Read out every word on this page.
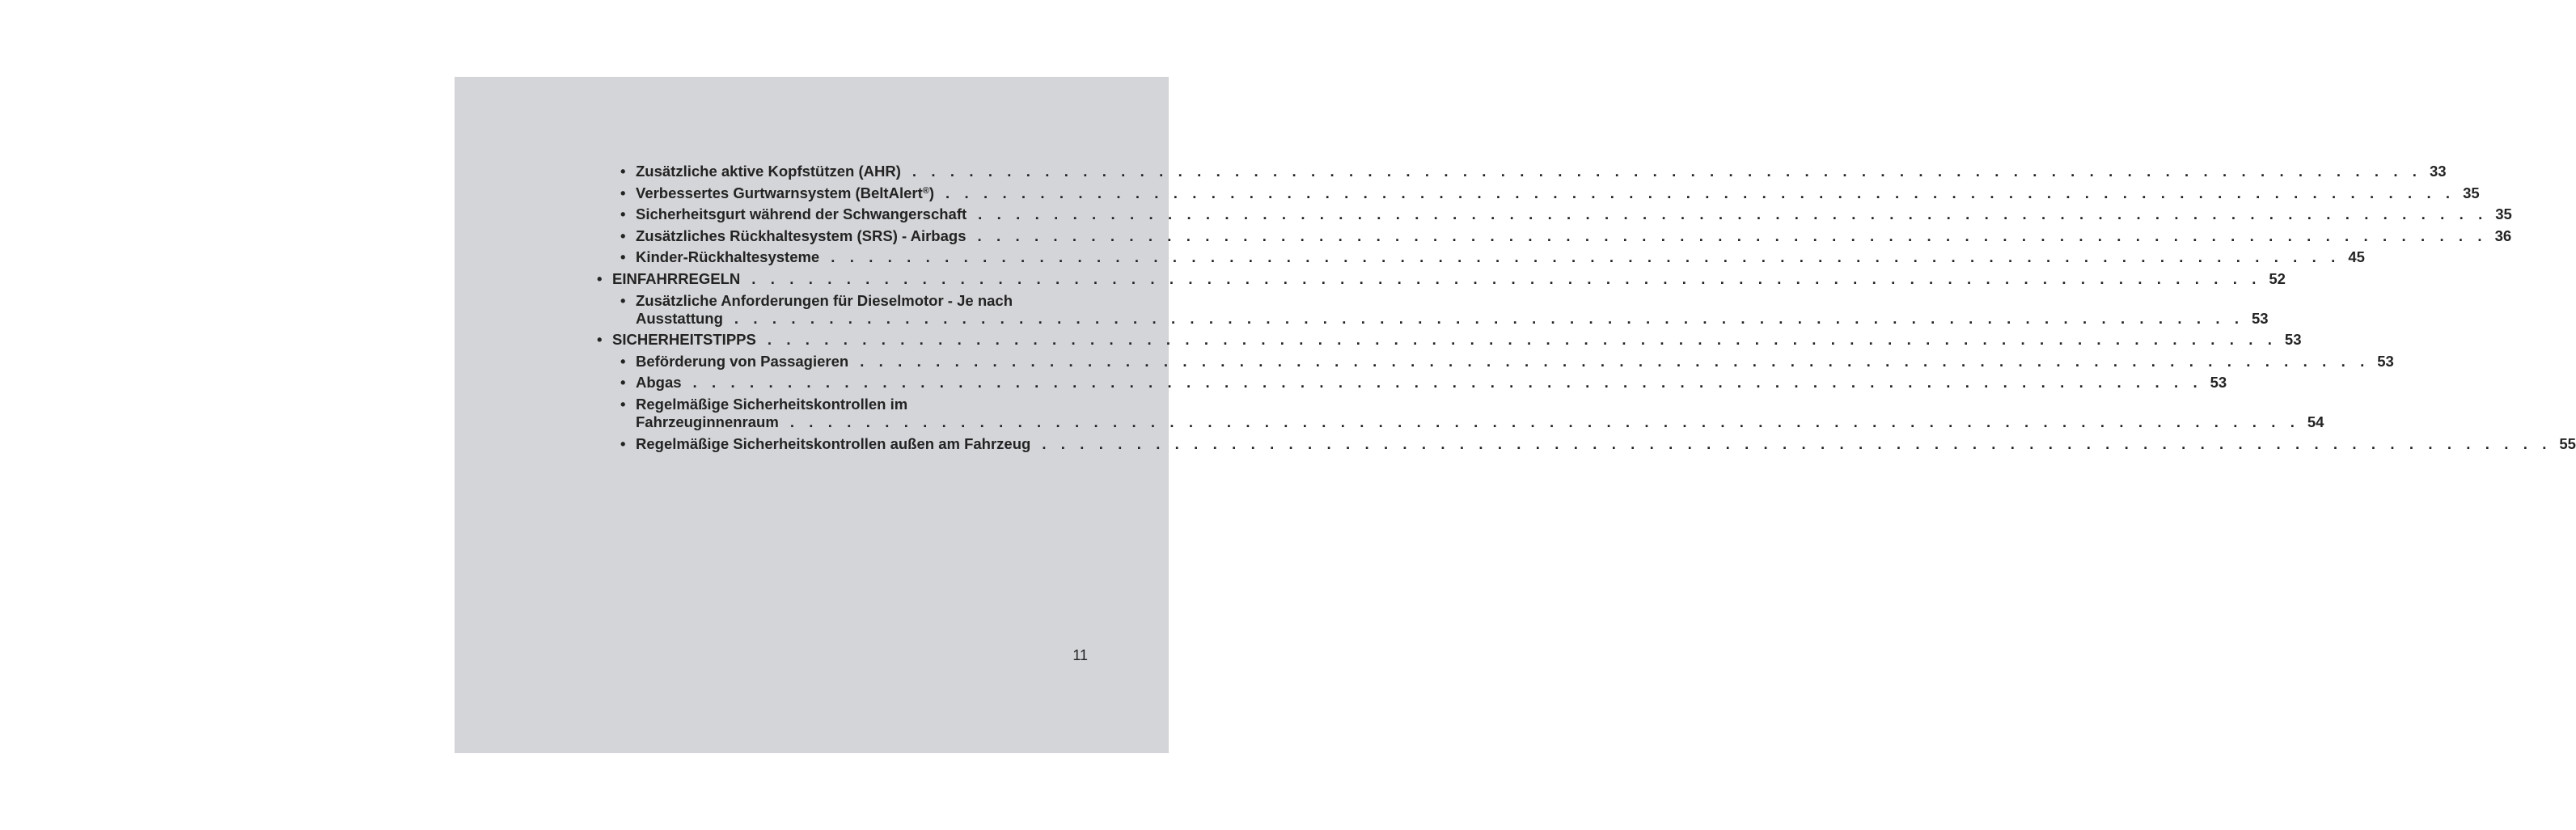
• Zusätzliche aktive Kopfstützen (AHR) . . . . . . . . . . . . . . . . . . . . . . . . . . . . . . . . . . . . . . . . . . . . . . . . . . . . . . . . . . . . . . . . . . . . . . . . . . . . . . . . 33
• Verbessertes Gurtwarnsystem (BeltAlert®) . . . . . . . . . . . . . . . . . . . . . . . . . . . . . . . . . . . . . . . . . . . . . . . . . . . . . . . . . . . . . . . . . . . . . . . . . . . . . . . . 35
• Sicherheitsgurt während der Schwangerschaft . . . . . . . . . . . . . . . . . . . . . . . . . . . . . . . . . . . . . . . . . . . . . . . . . . . . . . . . . . . . . . . . . . . . . . . . . . . . . . . . 35
• Zusätzliches Rückhaltesystem (SRS) - Airbags . . . . . . . . . . . . . . . . . . . . . . . . . . . . . . . . . . . . . . . . . . . . . . . . . . . . . . . . . . . . . . . . . . . . . . . . . . . . . . . . 36
• Kinder-Rückhaltesysteme . . . . . . . . . . . . . . . . . . . . . . . . . . . . . . . . . . . . . . . . . . . . . . . . . . . . . . . . . . . . . . . . . . . . . . . . . . . . . . . . 45
• EINFAHRREGELN . . . . . . . . . . . . . . . . . . . . . . . . . . . . . . . . . . . . . . . . . . . . . . . . . . . . . . . . . . . . . . . . . . . . . . . . . . . . . . . . 52
• Zusätzliche Anforderungen für Dieselmotor - Je nach
Ausstattung . . . . . . . . . . . . . . . . . . . . . . . . . . . . . . . . . . . . . . . . . . . . . . . . . . . . . . . . . . . . . . . . . . . . . . . . . . . . . . . . 53
• SICHERHEITSTIPPS . . . . . . . . . . . . . . . . . . . . . . . . . . . . . . . . . . . . . . . . . . . . . . . . . . . . . . . . . . . . . . . . . . . . . . . . . . . . . . . . 53
• Beförderung von Passagieren . . . . . . . . . . . . . . . . . . . . . . . . . . . . . . . . . . . . . . . . . . . . . . . . . . . . . . . . . . . . . . . . . . . . . . . . . . . . . . . . 53
• Abgas . . . . . . . . . . . . . . . . . . . . . . . . . . . . . . . . . . . . . . . . . . . . . . . . . . . . . . . . . . . . . . . . . . . . . . . . . . . . . . . . 53
• Regelmäßige Sicherheitskontrollen im
Fahrzeuginnenraum . . . . . . . . . . . . . . . . . . . . . . . . . . . . . . . . . . . . . . . . . . . . . . . . . . . . . . . . . . . . . . . . . . . . . . . . . . . . . . . . 54
• Regelmäßige Sicherheitskontrollen außen am Fahrzeug . . . . . . . . . . . . . . . . . . . . . . . . . . . . . . . . . . . . . . . . . . . . . . . . . . . . . . . . . . . . . . . . . . . . . . . . . . . . . . . . 55
11
